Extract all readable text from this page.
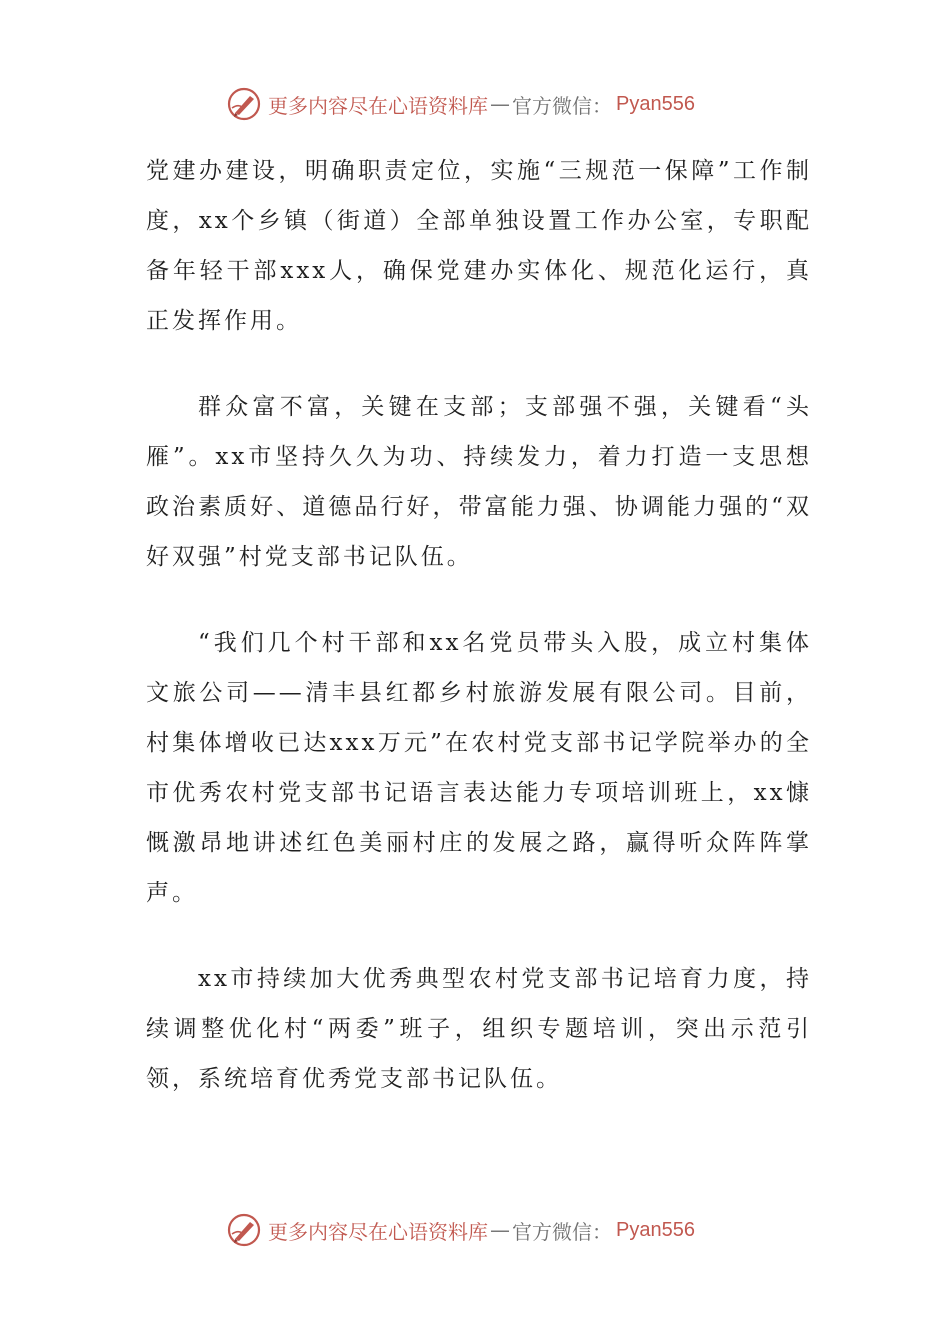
更多内容尽在心语资料库 — 官方微信： Pyan556

党建办建设，明确职责定位，实施“三规范一保障”工作制度，xx个乡镇（街道）全部单独设置工作办公室，专职配备年轻干部xxx人，确保党建办实体化、规范化运行，真正发挥作用。

群众富不富，关键在支部；支部强不强，关键看“头雁”。xx市坚持久久为功、持续发力，着力打造一支思想政治素质好、道德品行好，带富能力强、协调能力强的“双好双强”村党支部书记队伍。

“我们几个村干部和xx名党员带头入股，成立村集体文旅公司——清丰县红都乡村旅游发展有限公司。目前，村集体增收已达xxx万元”在农村党支部书记学院举办的全市优秀农村党支部书记语言表达能力专项培训班上，xx慷慨激昂地讲述红色美丽村庄的发展之路，赢得听众阵阵掌声。

xx市持续加大优秀典型农村党支部书记培育力度，持续调整优化村“两委”班子，组织专题培训，突出示范引领，系统培育优秀党支部书记队伍。

更多内容尽在心语资料库 — 官方微信： Pyan556
